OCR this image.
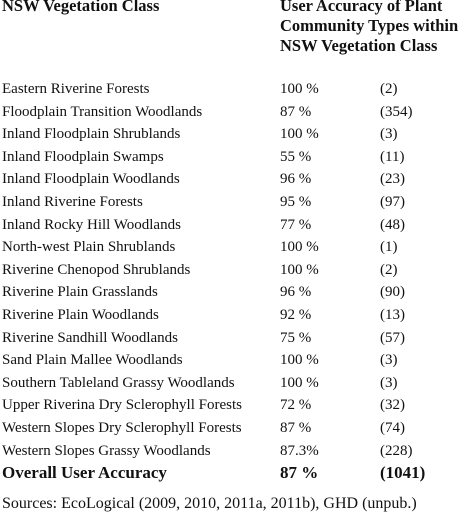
NSW Vegetation Class	User Accuracy of Plant
Community Types within
NSW Vegetation Class
Eastern Riverine Forests	100 %	(2)
Floodplain Transition Woodlands	87 %	(354)
Inland Floodplain Shrublands	100 %	(3)
Inland Floodplain Swamps	55 %	(11)
Inland Floodplain Woodlands	96 %	(23)
Inland Riverine Forests	95 %	(97)
Inland Rocky Hill Woodlands	77 %	(48)
North-west Plain Shrublands	100 %	(1)
Riverine Chenopod Shrublands	100 %	(2)
Riverine Plain Grasslands	96 %	(90)
Riverine Plain Woodlands	92 %	(13)
Riverine Sandhill Woodlands	75 %	(57)
Sand Plain Mallee Woodlands	100 %	(3)
Southern Tableland Grassy Woodlands	100 %	(3)
Upper Riverina Dry Sclerophyll Forests	72 %	(32)
Western Slopes Dry Sclerophyll Forests	87 %	(74)
Western Slopes Grassy Woodlands	87.3%	(228)
Overall User Accuracy	87 %	(1041)
Sources: EcoLogical (2009, 2010, 2011a, 2011b), GHD (unpub.)
